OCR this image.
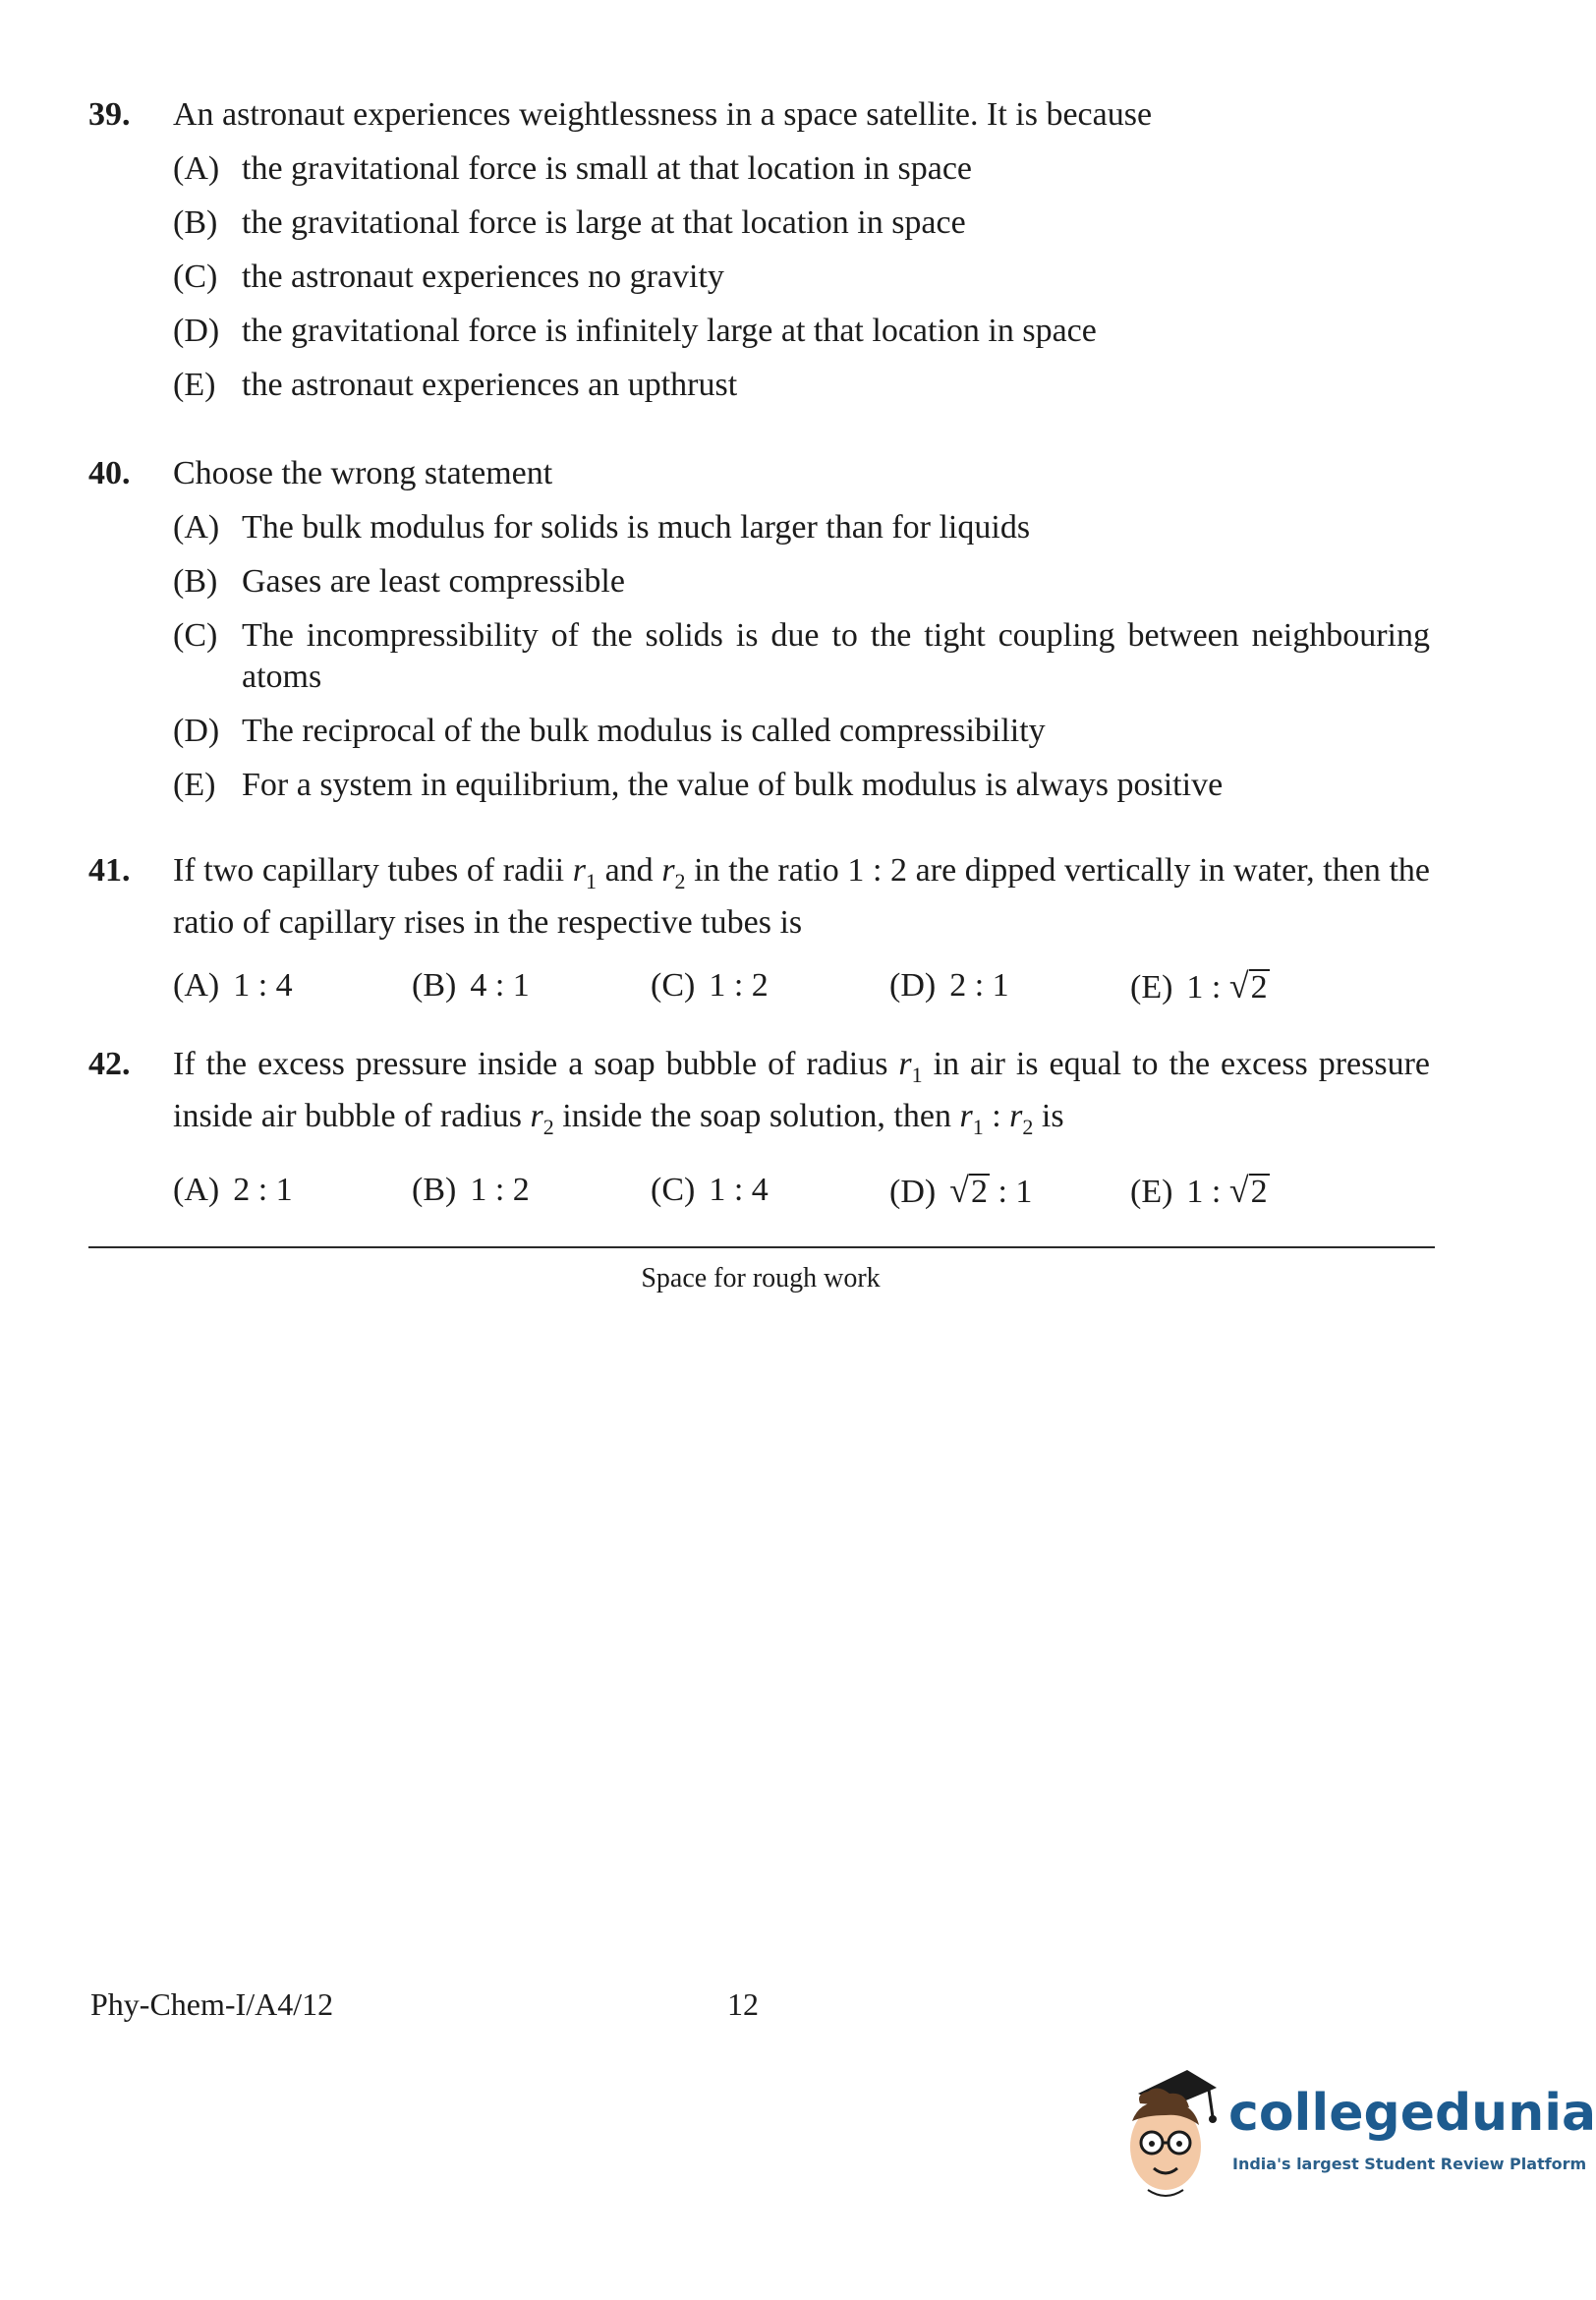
39. An astronaut experiences weightlessness in a space satellite. It is because
(A) the gravitational force is small at that location in space
(B) the gravitational force is large at that location in space
(C) the astronaut experiences no gravity
(D) the gravitational force is infinitely large at that location in space
(E) the astronaut experiences an upthrust
40. Choose the wrong statement
(A) The bulk modulus for solids is much larger than for liquids
(B) Gases are least compressible
(C) The incompressibility of the solids is due to the tight coupling between neighbouring atoms
(D) The reciprocal of the bulk modulus is called compressibility
(E) For a system in equilibrium, the value of bulk modulus is always positive
41. If two capillary tubes of radii $r_1$ and $r_2$ in the ratio 1 : 2 are dipped vertically in water, then the ratio of capillary rises in the respective tubes is
(A) 1 : 4	(B) 4 : 1	(C) 1 : 2	(D) 2 : 1	(E) 1 : √2
42. If the excess pressure inside a soap bubble of radius $r_1$ in air is equal to the excess pressure inside air bubble of radius $r_2$ inside the soap solution, then $r_1$ : $r_2$ is
(A) 2 : 1	(B) 1 : 2	(C) 1 : 4	(D) √2 : 1	(E) 1 : √2
Space for rough work
Phy-Chem-I/A4/12	12
collegedunia
India's largest Student Review Platform
